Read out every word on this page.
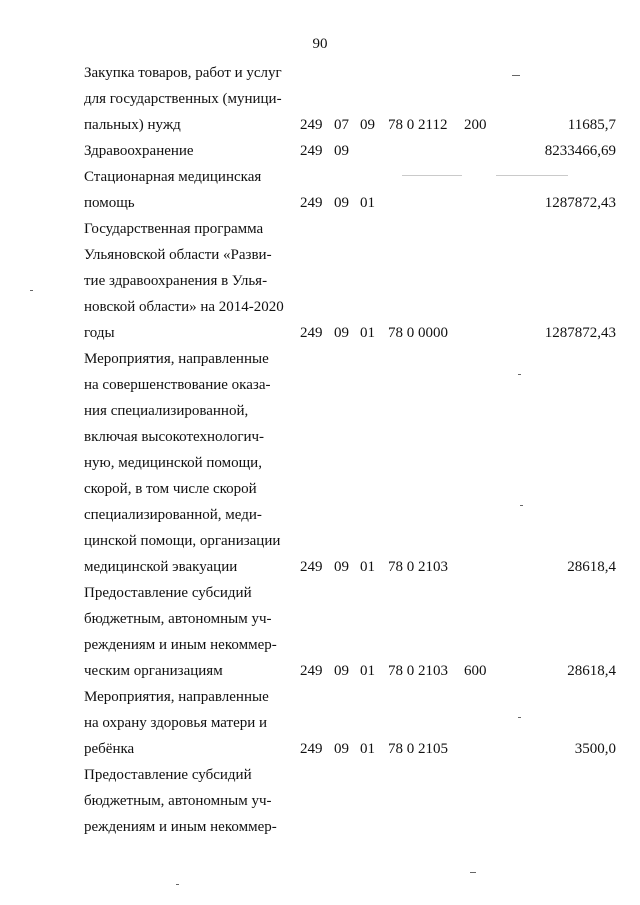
90
Закупка товаров, работ и услуг
для государственных (муници-
пальных) нужд	249 07 09 78 0 2112 200	11685,7
Здравоохранение	249 09	8233466,69
Стационарная медицинская
помощь	249 09 01	1287872,43
Государственная программа
Ульяновской области «Разви-
тие здравоохранения в Улья-
новской области» на 2014-2020
годы	249 09 01 78 0 0000	1287872,43
Мероприятия, направленные
на совершенствование оказа-
ния специализированной,
включая высокотехнологич-
ную, медицинской помощи,
скорой, в том числе скорой
специализированной, меди-
цинской помощи, организации
медицинской эвакуации	249 09 01 78 0 2103	28618,4
Предоставление субсидий
бюджетным, автономным уч-
реждениям и иным некоммер-
ческим организациям	249 09 01 78 0 2103 600	28618,4
Мероприятия, направленные
на охрану здоровья матери и
ребёнка	249 09 01 78 0 2105	3500,0
Предоставление субсидий
бюджетным, автономным уч-
реждениям и иным некоммер-
